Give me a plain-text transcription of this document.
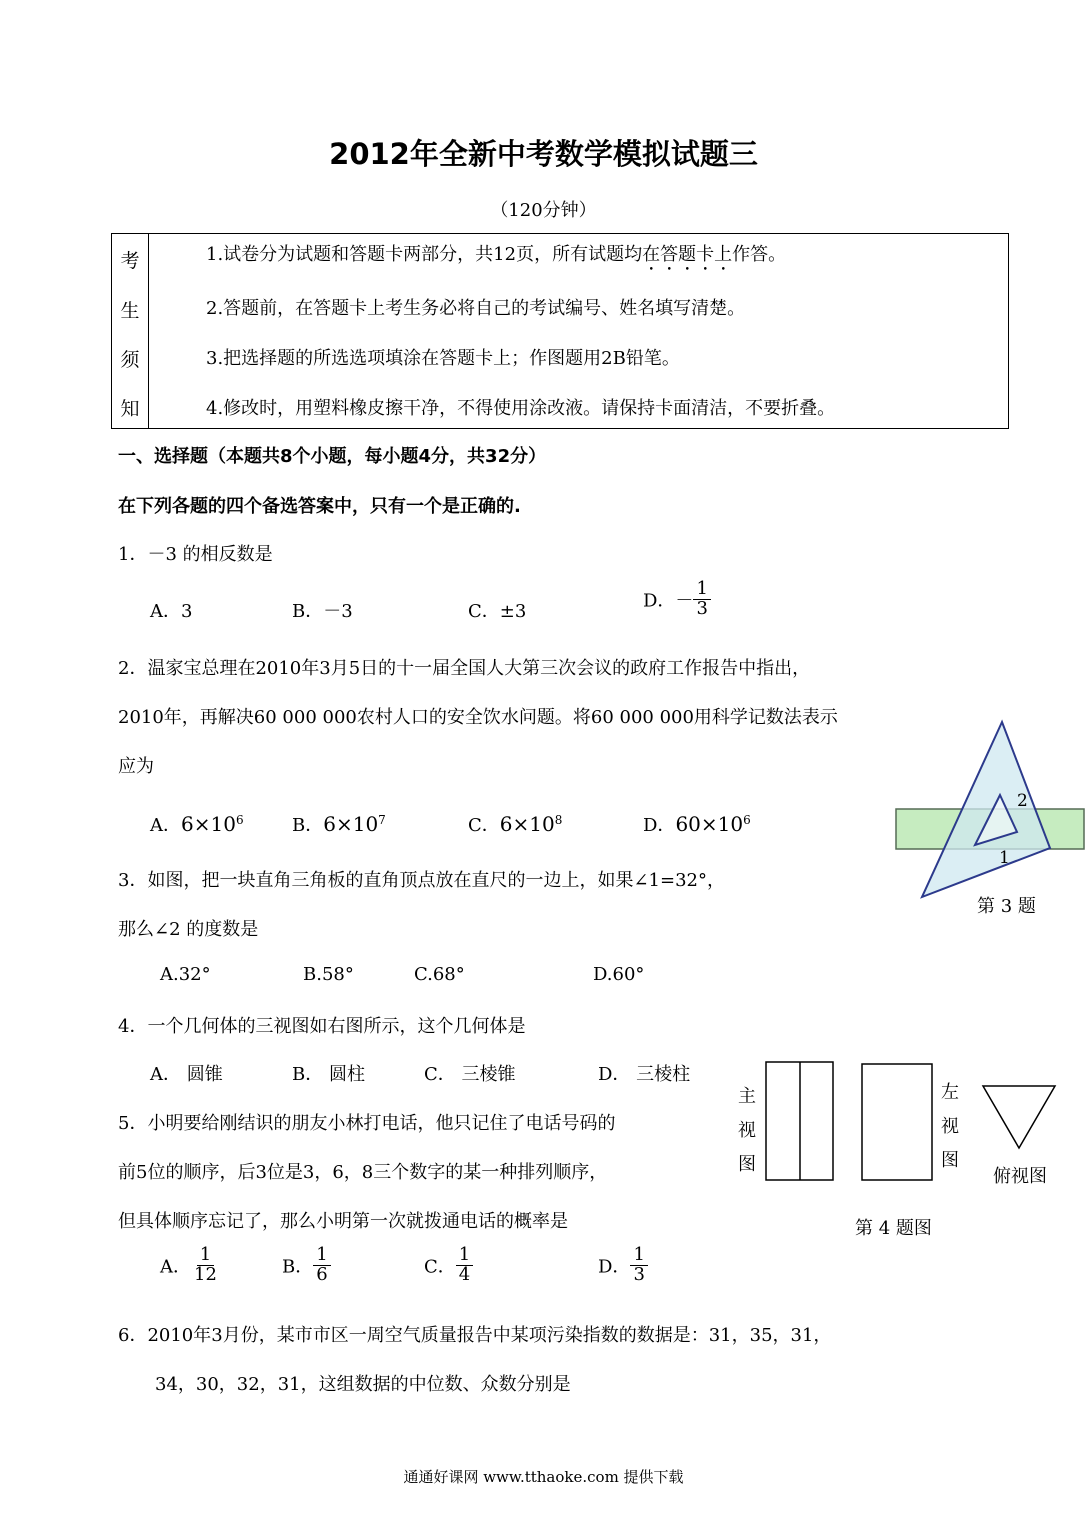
2012年全新中考数学模拟试题三
（120分钟）
考
生
须
知
1.试卷分为试题和答题卡两部分，共12页，所有试题均在答题卡上作答。
2.答题前，在答题卡上考生务必将自己的考试编号、姓名填写清楚。
3.把选择题的所选选项填涂在答题卡上；作图题用2B铅笔。
4.修改时，用塑料橡皮擦干净，不得使用涂改液。请保持卡面清洁，不要折叠。
一、选择题（本题共8个小题，每小题4分，共32分）
在下列各题的四个备选答案中，只有一个是正确的.
1．－3 的相反数是
A．3	B．－3	C．±3
D．－ $\frac{1}{3}$
2．温家宝总理在2010年3月5日的十一届全国人大第三次会议的政府工作报告中指出，
2010年，再解决60 000 000农村人口的安全饮水问题。将60 000 000用科学记数法表示
应为
A．$6\times 10^6$	B．$6\times 10^7$	C．$6\times 10^8$	D．$60\times 10^6$
3．如图，把一块直角三角板的直角顶点放在直尺的一边上，如果∠1=32°，
那么∠2 的度数是
A.32°	B.58°	C.68°	D.60°
2
1
第 3 题
4．一个几何体的三视图如右图所示，这个几何体是
A． 圆锥	B． 圆柱	C． 三棱锥	D． 三棱柱
主
视
图
左
视
图
俯视图
第 4 题图
5．小明要给刚结识的朋友小林打电话，他只记住了电话号码的
前5位的顺序，后3位是3，6，8三个数字的某一种排列顺序，
但具体顺序忘记了，那么小明第一次就拨通电话的概率是
A． $\frac{1}{12}$	B． $\frac{1}{6}$	C． $\frac{1}{4}$	D． $\frac{1}{3}$
6．2010年3月份，某市市区一周空气质量报告中某项污染指数的数据是：31，35，31，
34，30，32，31，这组数据的中位数、众数分别是
通通好课网 www.tthaoke.com 提供下载
